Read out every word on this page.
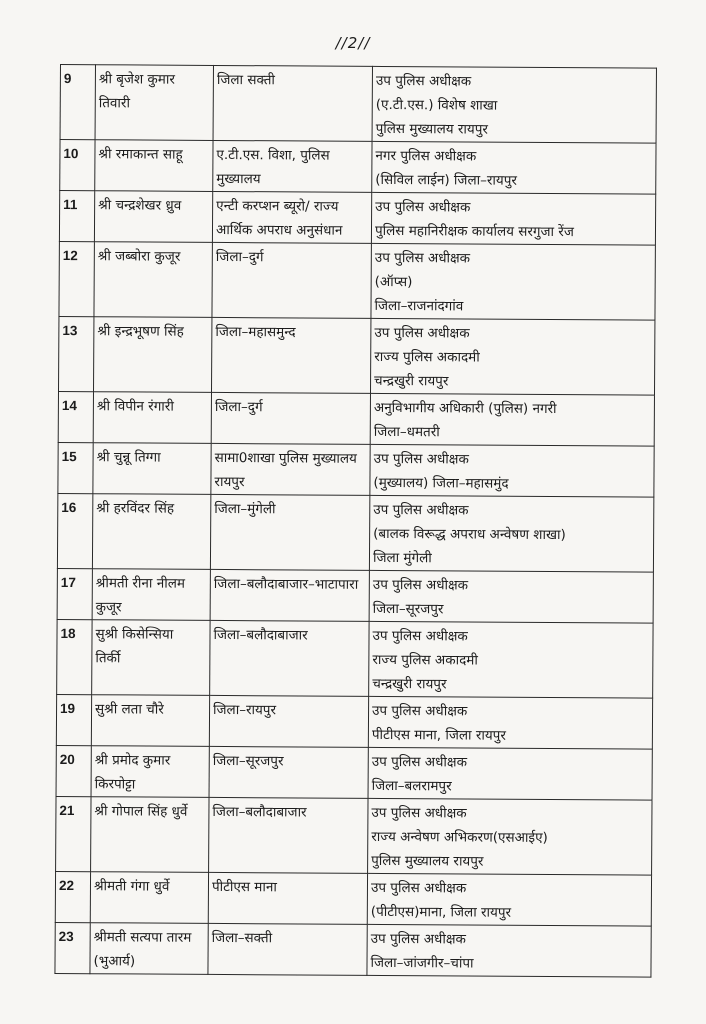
//2//
9	श्री बृजेश कुमार
तिवारी	जिला सक्ती	उप पुलिस अधीक्षक
(ए.टी.एस.) विशेष शाखा
पुलिस मुख्यालय रायपुर

10	श्री रमाकान्त साहू	ए.टी.एस. विशा, पुलिस
मुख्यालय	नगर पुलिस अधीक्षक
(सिविल लाईन) जिला–रायपुर

11	श्री चन्द्रशेखर ध्रुव	एन्टी करप्शन ब्यूरो/ राज्य
आर्थिक अपराध अनुसंधान	उप पुलिस अधीक्षक
पुलिस महानिरीक्षक कार्यालय सरगुजा रेंज

12	श्री जब्बोरा कुजूर	जिला–दुर्ग	उप पुलिस अधीक्षक
(ऑप्स)
जिला–राजनांदगांव

13	श्री इन्द्रभूषण सिंह	जिला–महासमुन्द	उप पुलिस अधीक्षक
राज्य पुलिस अकादमी
चन्द्रखुरी रायपुर

14	श्री विपीन रंगारी	जिला–दुर्ग	अनुविभागीय अधिकारी (पुलिस) नगरी
जिला–धमतरी

15	श्री चुन्नू तिग्गा	सामा0शाखा पुलिस मुख्यालय
रायपुर	उप पुलिस अधीक्षक
(मुख्यालय) जिला–महासमुंद

16	श्री हरविंदर सिंह	जिला–मुंगेली	उप पुलिस अधीक्षक
(बालक विरूद्ध अपराध अन्वेषण शाखा)
जिला मुंगेली

17	श्रीमती रीना नीलम
कुजूर	जिला–बलौदाबाजार–भाटापारा	उप पुलिस अधीक्षक
जिला–सूरजपुर

18	सुश्री किसेन्सिया
तिर्की	जिला–बलौदाबाजार	उप पुलिस अधीक्षक
राज्य पुलिस अकादमी
चन्द्रखुरी रायपुर

19	सुश्री लता चौरे	जिला–रायपुर	उप पुलिस अधीक्षक
पीटीएस माना, जिला रायपुर

20	श्री प्रमोद कुमार
किरपोट्टा	जिला–सूरजपुर	उप पुलिस अधीक्षक
जिला–बलरामपुर

21	श्री गोपाल सिंह धुर्वे	जिला–बलौदाबाजार	उप पुलिस अधीक्षक
राज्य अन्वेषण अभिकरण(एसआईए)
पुलिस मुख्यालय रायपुर

22	श्रीमती गंगा धुर्वे	पीटीएस माना	उप पुलिस अधीक्षक
(पीटीएस)माना, जिला रायपुर

23	श्रीमती सत्यपा तारम
(भुआर्य)	जिला–सक्ती	उप पुलिस अधीक्षक
जिला–जांजगीर–चांपा
